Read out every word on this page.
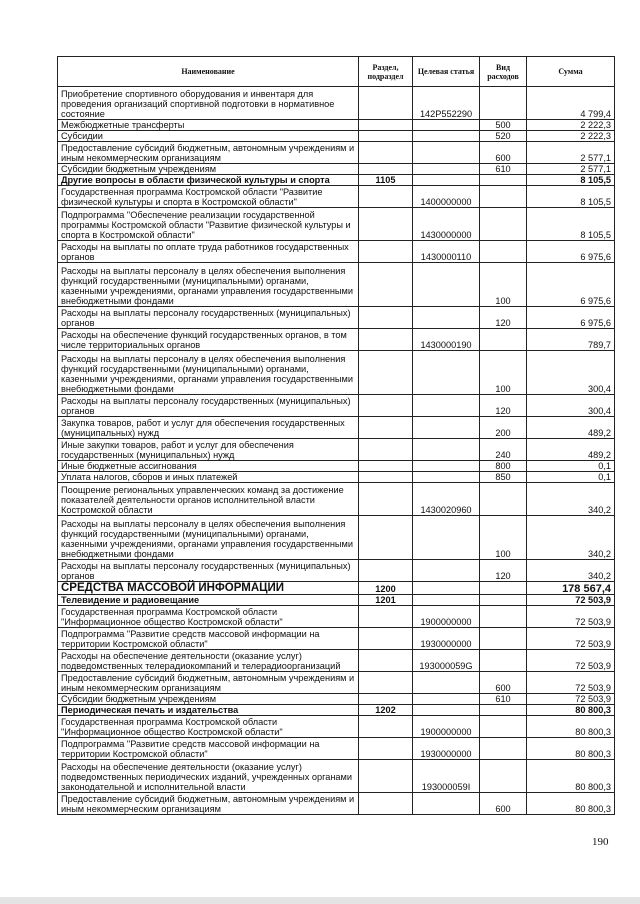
Наименование	Раздел, подраздел	Целевая статья	Вид расходов	Сумма
Приобретение спортивного оборудования и инвентаря для проведения организаций спортивной подготовки в нормативное состояние		142P552290		4 799,4
Межбюджетные трансферты			500	2 222,3
Субсидии			520	2 222,3
Предоставление субсидий бюджетным, автономным учреждениям и иным некоммерческим организациям			600	2 577,1
Субсидии бюджетным учреждениям			610	2 577,1
Другие вопросы в области физической культуры и спорта	1105			8 105,5
Государственная программа Костромской области "Развитие физической культуры и спорта в Костромской области"		1400000000		8 105,5
Подпрограмма "Обеспечение реализации государственной программы Костромской области "Развитие физической культуры и спорта в Костромской области"		1430000000		8 105,5
Расходы на выплаты по оплате труда работников государственных органов		1430000110		6 975,6
Расходы на выплаты персоналу в целях обеспечения выполнения функций государственными (муниципальными) органами, казенными учреждениями, органами управления государственными внебюджетными фондами			100	6 975,6
Расходы на выплаты персоналу государственных (муниципальных) органов			120	6 975,6
Расходы на обеспечение функций государственных органов, в том числе территориальных органов		1430000190		789,7
Расходы на выплаты персоналу в целях обеспечения выполнения функций государственными (муниципальными) органами, казенными учреждениями, органами управления государственными внебюджетными фондами			100	300,4
Расходы на выплаты персоналу государственных (муниципальных) органов			120	300,4
Закупка товаров, работ и услуг для обеспечения государственных (муниципальных) нужд			200	489,2
Иные закупки товаров, работ и услуг для обеспечения государственных (муниципальных) нужд			240	489,2
Иные бюджетные ассигнования			800	0,1
Уплата налогов, сборов и иных платежей			850	0,1
Поощрение региональных управленческих команд за достижение показателей деятельности органов исполнительной власти Костромской области		1430020960		340,2
Расходы на выплаты персоналу в целях обеспечения выполнения функций государственными (муниципальными) органами, казенными учреждениями, органами управления государственными внебюджетными фондами			100	340,2
Расходы на выплаты персоналу государственных (муниципальных) органов			120	340,2
СРЕДСТВА МАССОВОЙ ИНФОРМАЦИИ	1200			178 567,4
Телевидение и радиовещание	1201			72 503,9
Государственная программа Костромской области "Информационное общество Костромской области"		1900000000		72 503,9
Подпрограмма "Развитие средств массовой информации на территории Костромской области"		1930000000		72 503,9
Расходы на обеспечение деятельности (оказание услуг) подведомственных телерадиокомпаний и телерадиоорганизаций		193000059G		72 503,9
Предоставление субсидий бюджетным, автономным учреждениям и иным некоммерческим организациям			600	72 503,9
Субсидии бюджетным учреждениям			610	72 503,9
Периодическая печать и издательства	1202			80 800,3
Государственная программа Костромской области "Информационное общество Костромской области"		1900000000		80 800,3
Подпрограмма "Развитие средств массовой информации на территории Костромской области"		1930000000		80 800,3
Расходы на обеспечение деятельности (оказание услуг) подведомственных периодических изданий, учрежденных органами законодательной и исполнительной власти		193000059I		80 800,3
Предоставление субсидий бюджетным, автономным учреждениям и иным некоммерческим организациям			600	80 800,3
190
